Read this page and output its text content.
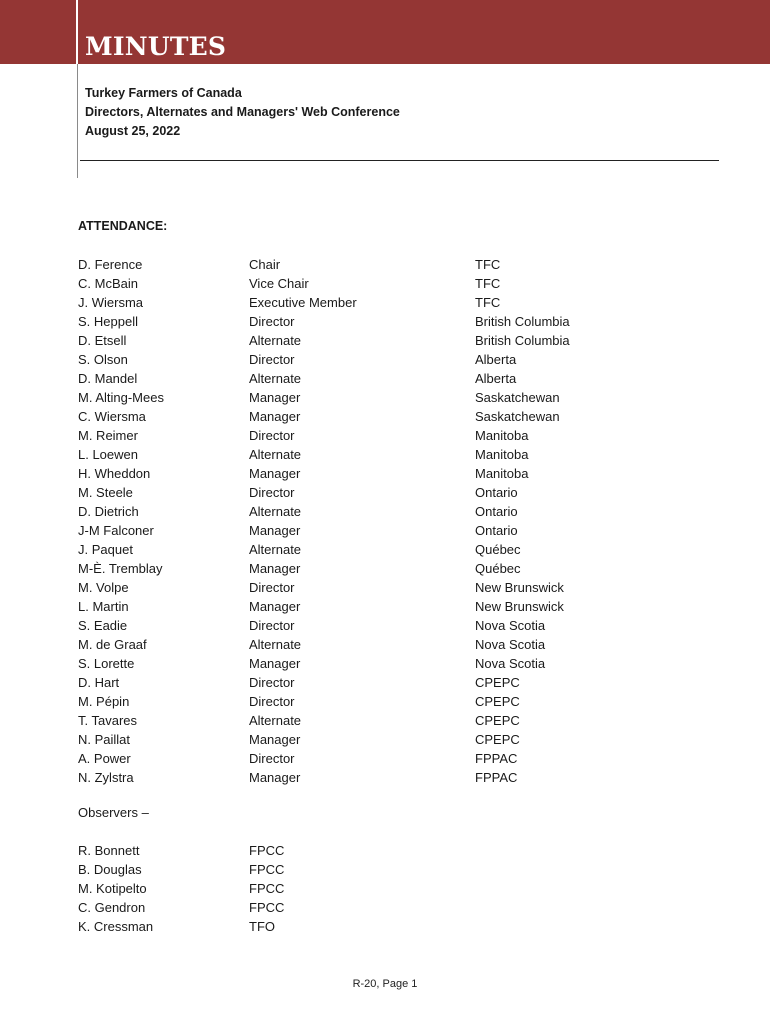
MINUTES
Turkey Farmers of Canada
Directors, Alternates and Managers' Web Conference
August 25, 2022
ATTENDANCE:
D. Ference	Chair	TFC
C. McBain	Vice Chair	TFC
J. Wiersma	Executive Member	TFC
S. Heppell	Director	British Columbia
D. Etsell	Alternate	British Columbia
S. Olson	Director	Alberta
D. Mandel	Alternate	Alberta
M. Alting-Mees	Manager	Saskatchewan
C. Wiersma	Manager	Saskatchewan
M. Reimer	Director	Manitoba
L. Loewen	Alternate	Manitoba
H. Wheddon	Manager	Manitoba
M. Steele	Director	Ontario
D. Dietrich	Alternate	Ontario
J-M Falconer	Manager	Ontario
J. Paquet	Alternate	Québec
M-È. Tremblay	Manager	Québec
M. Volpe	Director	New Brunswick
L. Martin	Manager	New Brunswick
S. Eadie	Director	Nova Scotia
M. de Graaf	Alternate	Nova Scotia
S. Lorette	Manager	Nova Scotia
D. Hart	Director	CPEPC
M. Pépin	Director	CPEPC
T. Tavares	Alternate	CPEPC
N. Paillat	Manager	CPEPC
A. Power	Director	FPPAC
N. Zylstra	Manager	FPPAC
Observers –
R. Bonnett	FPCC
B. Douglas	FPCC
M. Kotipelto	FPCC
C. Gendron	FPCC
K. Cressman	TFO
R-20, Page 1
